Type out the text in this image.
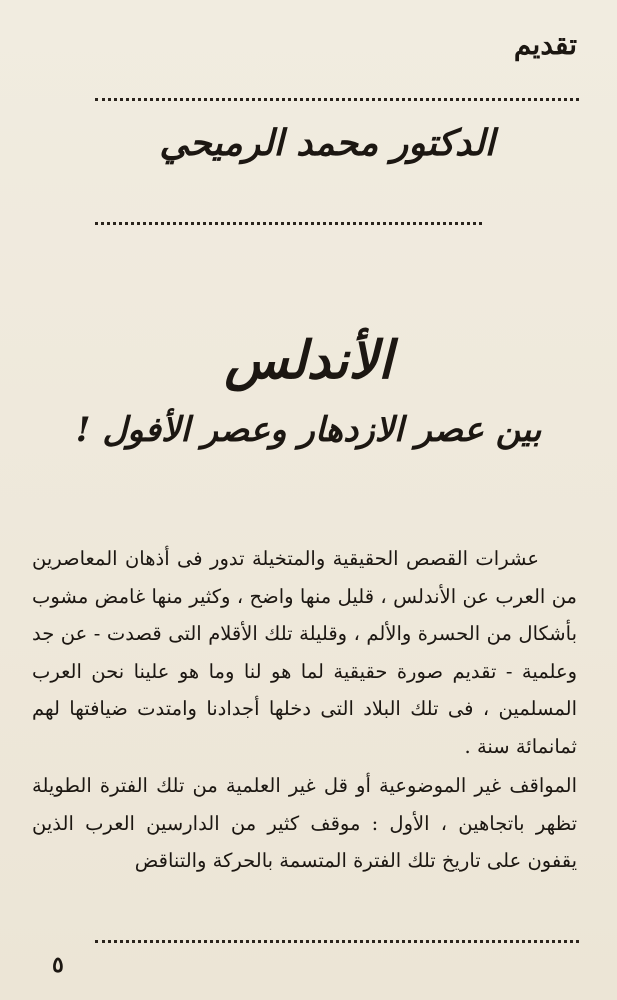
تقديم
الدكتور محمد الرميحي
الأندلس
بين عصر الازدهار وعصر الأفول !

عشرات القصص الحقيقية والمتخيلة تدور فى أذهان المعاصرين من العرب عن الأندلس ، قليل منها واضح ، وكثير منها غامض مشوب بأشكال من الحسرة والألم ، وقليلة تلك الأقلام التى قصدت - عن جد وعلمية - تقديم صورة حقيقية لما هو لنا وما هو علينا نحن العرب المسلمين ، فى تلك البلاد التى دخلها أجدادنا وامتدت ضيافتها لهم ثمانمائة سنة .

المواقف غير الموضوعية أو قل غير العلمية من تلك الفترة الطويلة تظهر باتجاهين ، الأول : موقف كثير من الدارسين العرب الذين يقفون على تاريخ تلك الفترة المتسمة بالحركة والتناقض

٥
